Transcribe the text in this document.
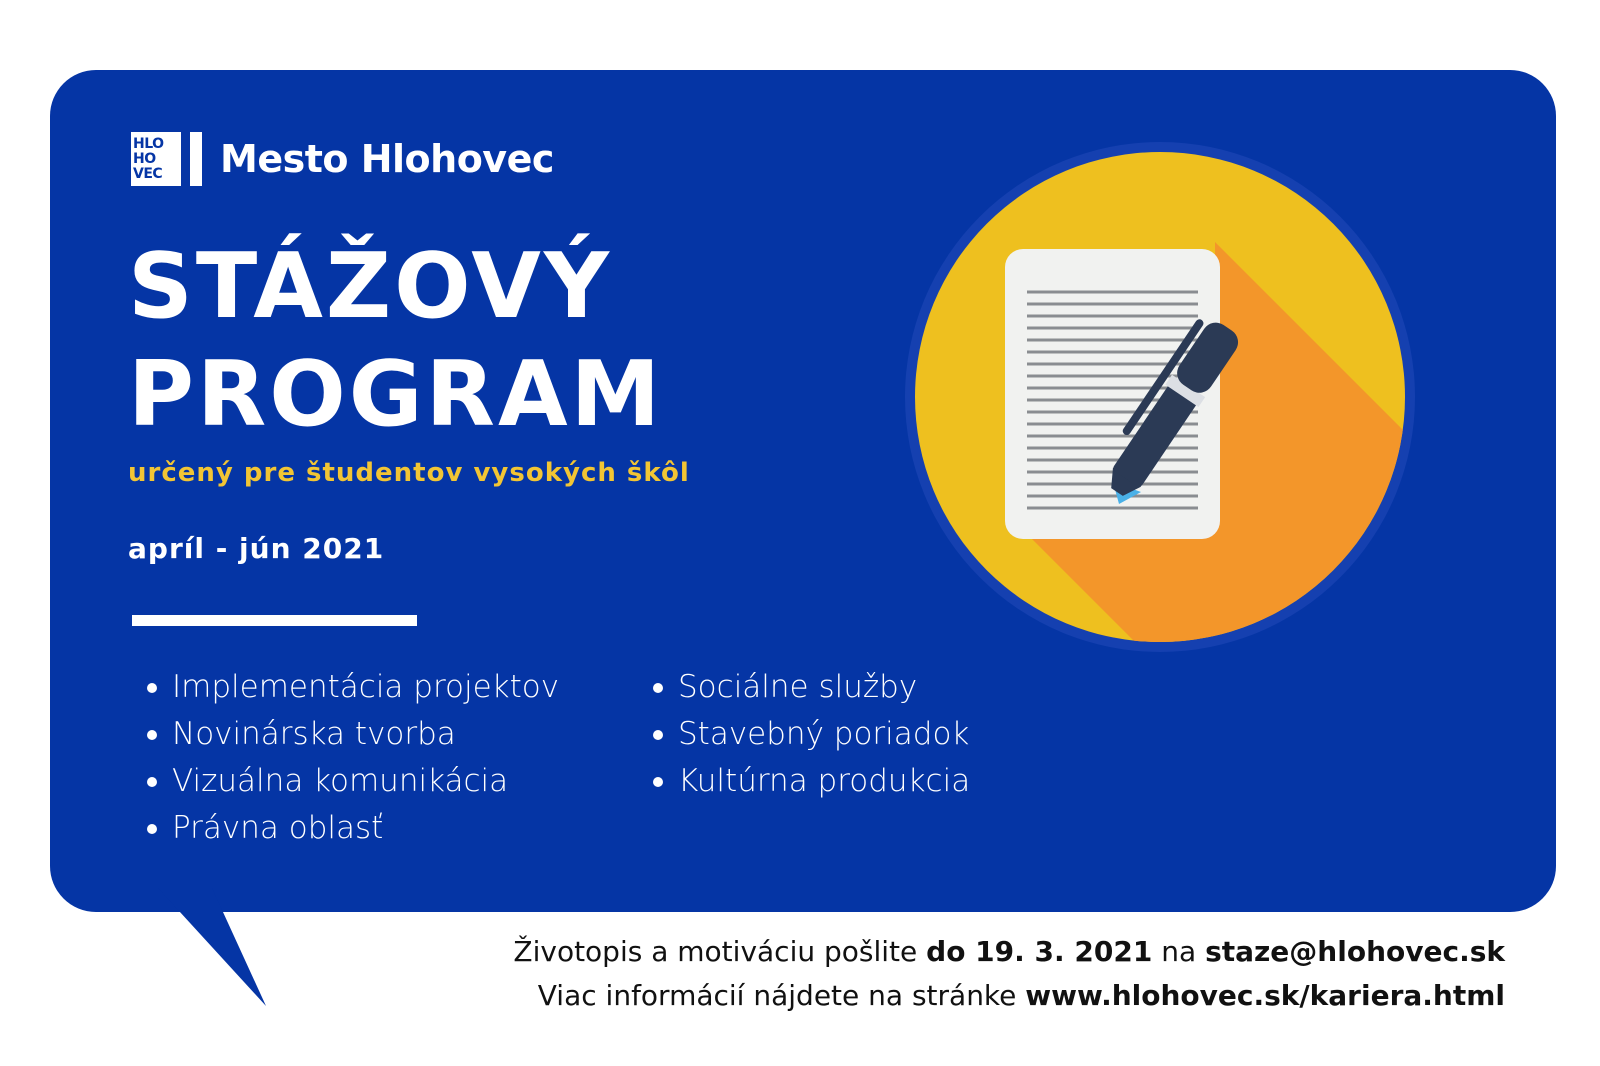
HLO
HO
VEC	Mesto Hlohovec
STÁŽOVÝ
PROGRAM
určený pre študentov vysokých škôl
apríl - jún 2021
Implementácia projektov
Novinárska tvorba
Vizuálna komunikácia
Právna oblasť
Sociálne služby
Stavebný poriadok
Kultúrna produkcia
Životopis a motiváciu pošlite do 19. 3. 2021 na staze@hlohovec.sk
Viac informácií nájdete na stránke www.hlohovec.sk/kariera.html
